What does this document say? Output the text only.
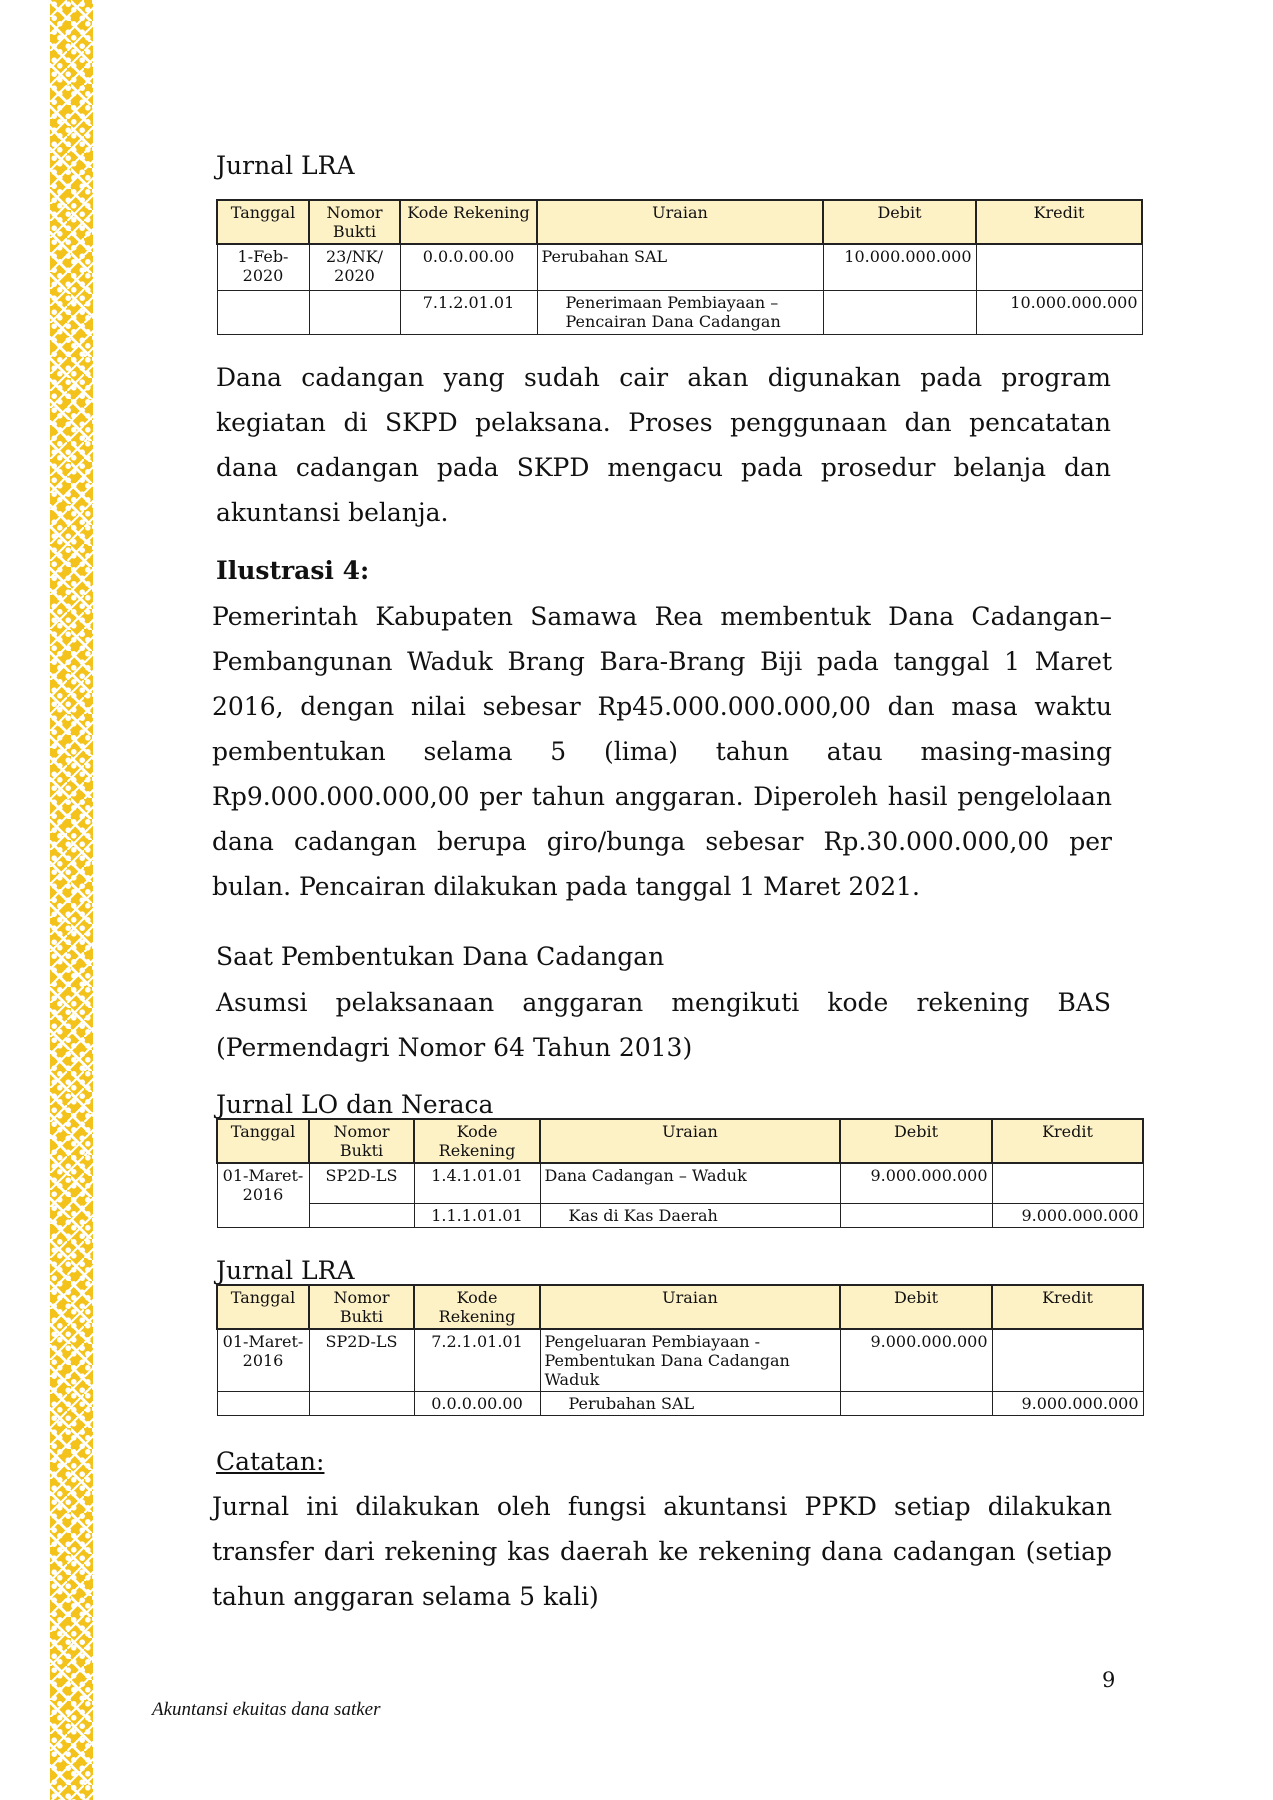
Jurnal LRA
Tanggal	Nomor Bukti	Kode Rekening	Uraian	Debit	Kredit
1-Feb-2020	23/NK/ 2020	0.0.0.00.00	Perubahan SAL	10.000.000.000	
		7.1.2.01.01	Penerimaan Pembiayaan – Pencairan Dana Cadangan		10.000.000.000

Dana cadangan yang sudah cair akan digunakan pada program kegiatan di SKPD pelaksana. Proses penggunaan dan pencatatan dana cadangan pada SKPD mengacu pada prosedur belanja dan akuntansi belanja.

Ilustrasi 4:

Pemerintah Kabupaten Samawa Rea membentuk Dana Cadangan–Pembangunan Waduk Brang Bara-Brang Biji pada tanggal 1 Maret 2016, dengan nilai sebesar Rp45.000.000.000,00 dan masa waktu pembentukan selama 5 (lima) tahun atau masing-masing Rp9.000.000.000,00 per tahun anggaran. Diperoleh hasil pengelolaan dana cadangan berupa giro/bunga sebesar Rp.30.000.000,00 per bulan. Pencairan dilakukan pada tanggal 1 Maret 2021.

Saat Pembentukan Dana Cadangan

Asumsi pelaksanaan anggaran mengikuti kode rekening BAS (Permendagri Nomor 64 Tahun 2013)

Jurnal LO dan Neraca
Tanggal	Nomor Bukti	Kode Rekening	Uraian	Debit	Kredit
01-Maret-2016	SP2D-LS	1.4.1.01.01	Dana Cadangan – Waduk	9.000.000.000	
		1.1.1.01.01	Kas di Kas Daerah		9.000.000.000
Jurnal LRA
Tanggal	Nomor Bukti	Kode Rekening	Uraian	Debit	Kredit
01-Maret-2016	SP2D-LS	7.2.1.01.01	Pengeluaran Pembiayaan - Pembentukan Dana Cadangan Waduk	9.000.000.000	
		0.0.0.00.00	Perubahan SAL		9.000.000.000
Catatan:

Jurnal ini dilakukan oleh fungsi akuntansi PPKD setiap dilakukan transfer dari rekening kas daerah ke rekening dana cadangan (setiap tahun anggaran selama 5 kali)

9
Akuntansi ekuitas dana satker
